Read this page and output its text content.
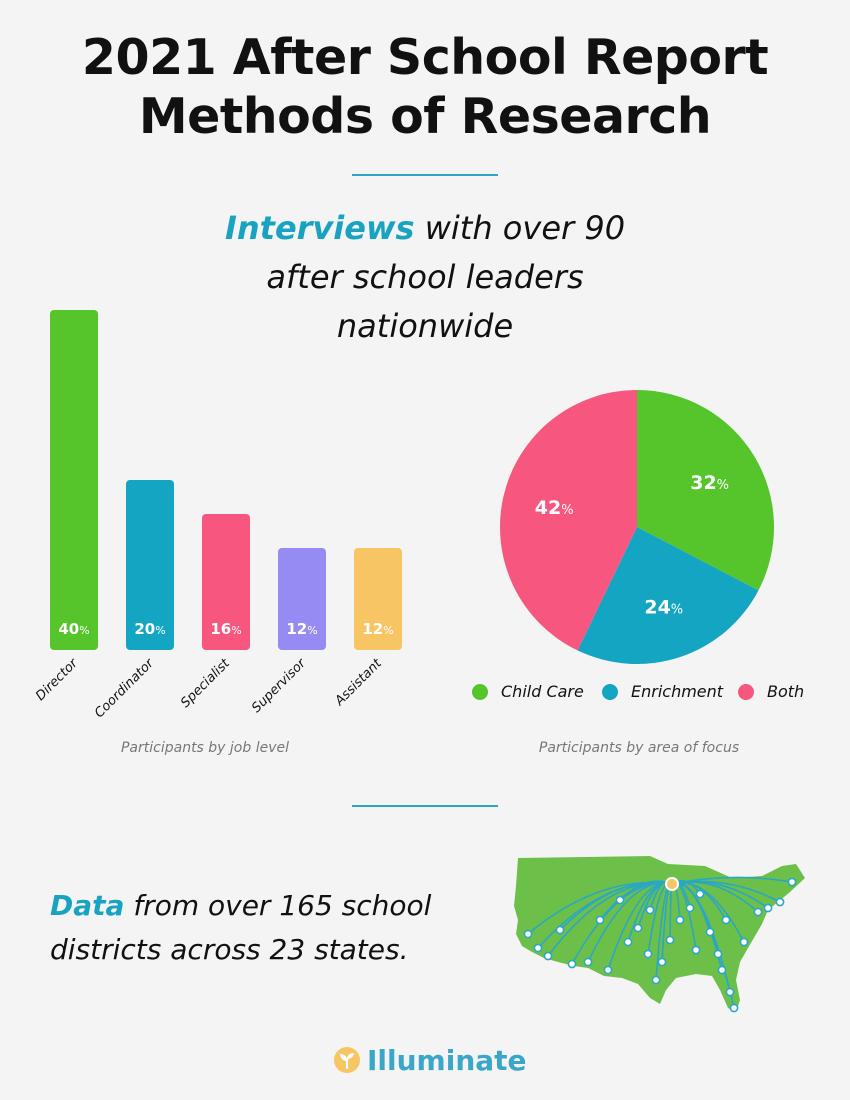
2021 After School Report
Methods of Research
Interviews with over 90
after school leaders
nationwide
40%
Director
20%
Coordinator
16%
Specialist
12%
Supervisor
12%
Assistant
Participants by job level
32%
24%
42%
Child Care	Enrichment	Both
Participants by area of focus
Data from over 165 school
districts across 23 states.
Illuminate
